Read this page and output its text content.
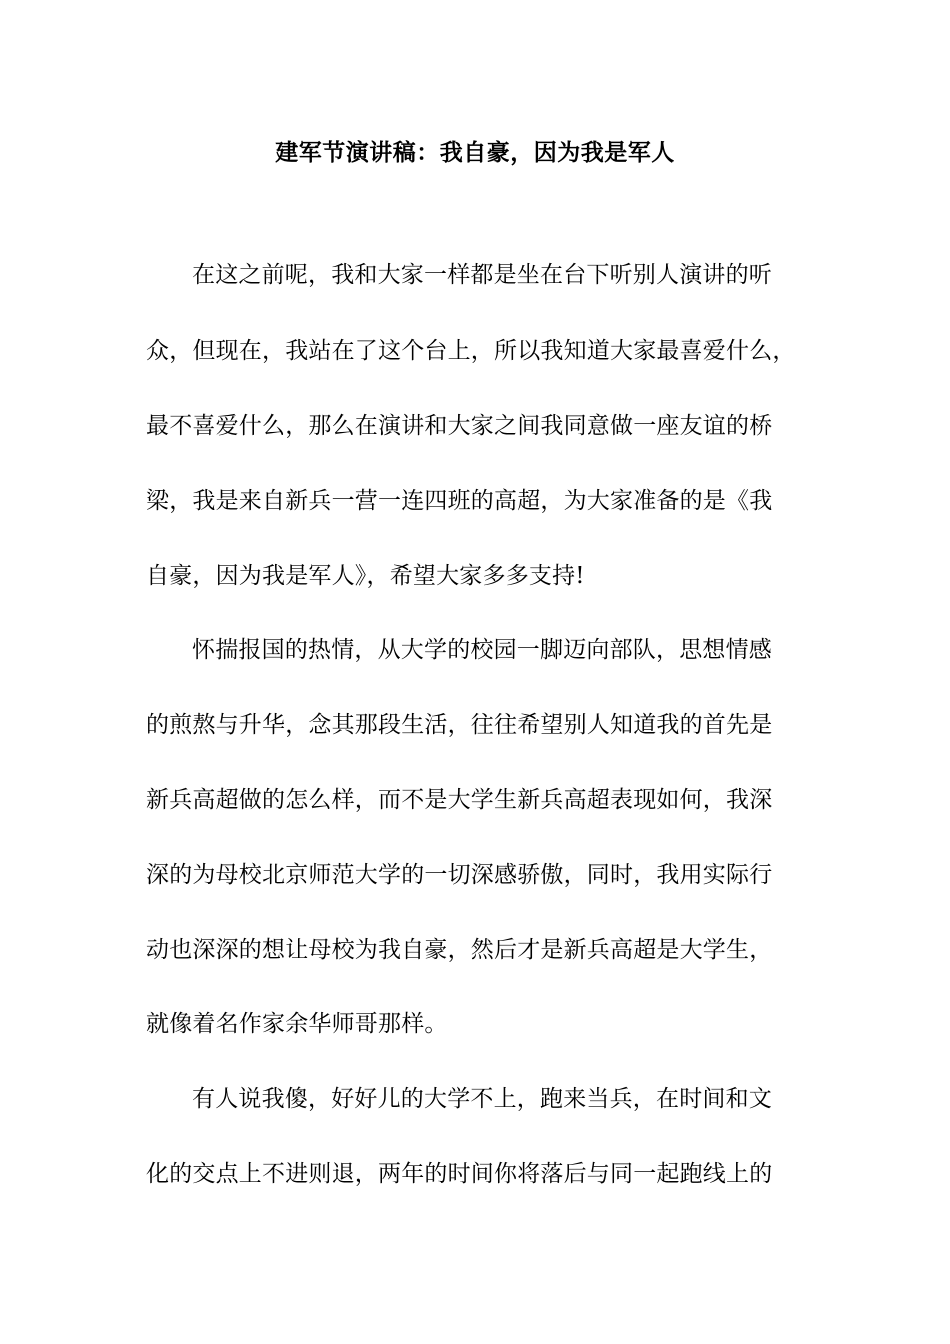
建军节演讲稿：我自豪，因为我是军人
在这之前呢，我和大家一样都是坐在台下听别人演讲的听
众，但现在，我站在了这个台上，所以我知道大家最喜爱什么，
最不喜爱什么，那么在演讲和大家之间我同意做一座友谊的桥
梁，我是来自新兵一营一连四班的高超，为大家准备的是《我
自豪，因为我是军人》，希望大家多多支持!
怀揣报国的热情，从大学的校园一脚迈向部队，思想情感
的煎熬与升华，念其那段生活，往往希望别人知道我的首先是
新兵高超做的怎么样，而不是大学生新兵高超表现如何，我深
深的为母校北京师范大学的一切深感骄傲，同时，我用实际行
动也深深的想让母校为我自豪，然后才是新兵高超是大学生，
就像着名作家余华师哥那样。
有人说我傻，好好儿的大学不上，跑来当兵，在时间和文
化的交点上不进则退，两年的时间你将落后与同一起跑线上的
